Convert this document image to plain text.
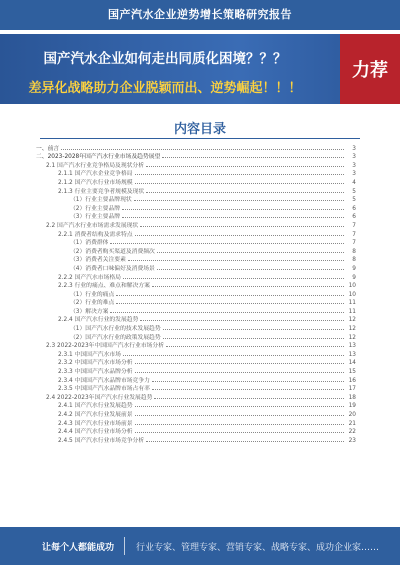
国产汽水企业逆势增长策略研究报告
国产汽水企业如何走出同质化困境？？？
差异化战略助力企业脱颖而出、逆势崛起！！！
力荐
内容目录
一、前言	3
二、2023-2028年国产汽水行业市场及趋势展望	3
2.1 国产汽水行业竞争格局及现状分析	3
2.1.1 国产汽水企业竞争格局	3
2.1.2 国产汽水行业市场规模	4
2.1.3 行业主要竞争者规模及现状	5
（1）行业主要品牌现状	5
（2）行业主要品牌	6
（3）行业主要品牌	6
2.2 国产汽水行业市场需求发展现状	7
2.2.1 消费者结构及需求特点	7
（1）消费群体	7
（2）消费者购买渠道及消费频次	8
（3）消费者关注要素	8
（4）消费者口味偏好及消费场景	9
2.2.2 国产汽水市场格局	9
2.2.3 行业的痛点、难点和解决方案	10
（1）行业的痛点	10
（2）行业的难点	11
（3）解决方案	11
2.2.4 国产汽水行业的发展趋势	12
（1）国产汽水行业的技术发展趋势	12
（2）国产汽水行业的政策发展趋势	12
2.3 2022-2023年中国国产汽水行业市场分析	13
2.3.1 中国国产汽水市场	13
2.3.2 中国国产汽水市场分析	14
2.3.3 中国国产汽水品牌分析	15
2.3.4 中国国产汽水品牌市场竞争力	16
2.3.5 中国国产汽水品牌市场占有率	17
2.4 2022-2023年国产汽水行业发展趋势	18
2.4.1 国产汽水行业发展趋势	19
2.4.2 国产汽水行业发展前景	20
2.4.3 国产汽水行业市场前景	21
2.4.4 国产汽水行业市场分析	22
2.4.5 国产汽水行业市场竞争分析	23
让每个人都能成功 行业专家、管理专家、营销专家、战略专家、成功企业家……
